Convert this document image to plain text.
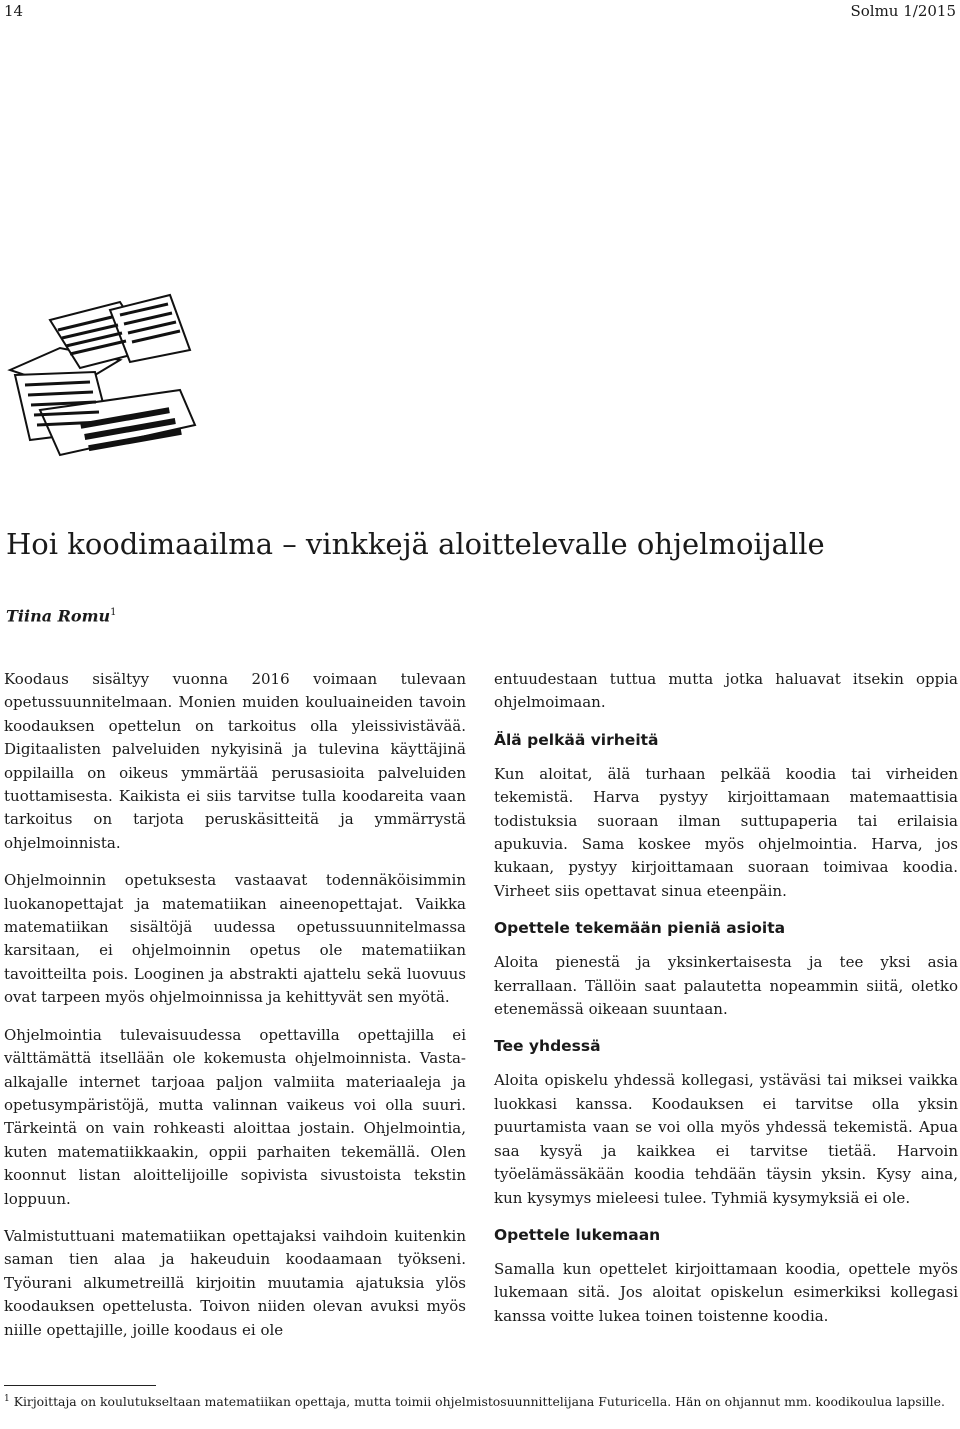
14	Solmu 1/2015
Hoi koodimaailma – vinkkejä aloittelevalle ohjelmoijalle
Tiina Romu$^1$

Koodaus sisältyy vuonna 2016 voimaan tulevaan opetussuunnitelmaan. Monien muiden kouluaineiden tavoin koodauksen opettelun on tarkoitus olla yleissivistävää. Digitaalisten palveluiden nykyisinä ja tulevina käyttäjinä oppilailla on oikeus ymmärtää perusasioita palveluiden tuottamisesta. Kaikista ei siis tarvitse tulla koodareita vaan tarkoitus on tarjota peruskäsitteitä ja ymmärrystä ohjelmoinnista.

Ohjelmoinnin opetuksesta vastaavat todennäköisimmin luokanopettajat ja matematiikan aineenopettajat. Vaikka matematiikan sisältöjä uudessa opetussuunnitelmassa karsitaan, ei ohjelmoinnin opetus ole matematiikan tavoitteilta pois. Looginen ja abstrakti ajattelu sekä luovuus ovat tarpeen myös ohjelmoinnissa ja kehittyvät sen myötä.

Ohjelmointia tulevaisuudessa opettavilla opettajilla ei välttämättä itsellään ole kokemusta ohjelmoinnista. Vasta-alkajalle internet tarjoaa paljon valmiita materiaaleja ja opetusympäristöjä, mutta valinnan vaikeus voi olla suuri. Tärkeintä on vain rohkeasti aloittaa jostain. Ohjelmointia, kuten matematiikkaakin, oppii parhaiten tekemällä. Olen koonnut listan aloittelijoille sopivista sivustoista tekstin loppuun.

Valmistuttuani matematiikan opettajaksi vaihdoin kuitenkin saman tien alaa ja hakeuduin koodaamaan työkseni. Työurani alkumetreillä kirjoitin muutamia ajatuksia ylös koodauksen opettelusta. Toivon niiden olevan avuksi myös niille opettajille, joille koodaus ei ole

entuudestaan tuttua mutta jotka haluavat itsekin oppia ohjelmoimaan.

Älä pelkää virheitä

Kun aloitat, älä turhaan pelkää koodia tai virheiden tekemistä. Harva pystyy kirjoittamaan matemaattisia todistuksia suoraan ilman suttupaperia tai erilaisia apukuvia. Sama koskee myös ohjelmointia. Harva, jos kukaan, pystyy kirjoittamaan suoraan toimivaa koodia. Virheet siis opettavat sinua eteenpäin.

Opettele tekemään pieniä asioita

Aloita pienestä ja yksinkertaisesta ja tee yksi asia kerrallaan. Tällöin saat palautetta nopeammin siitä, oletko etenemässä oikeaan suuntaan.

Tee yhdessä

Aloita opiskelu yhdessä kollegasi, ystäväsi tai miksei vaikka luokkasi kanssa. Koodauksen ei tarvitse olla yksin puurtamista vaan se voi olla myös yhdessä tekemistä. Apua saa kysyä ja kaikkea ei tarvitse tietää. Harvoin työelämässäkään koodia tehdään täysin yksin. Kysy aina, kun kysymys mieleesi tulee. Tyhmiä kysymyksiä ei ole.

Opettele lukemaan

Samalla kun opettelet kirjoittamaan koodia, opettele myös lukemaan sitä. Jos aloitat opiskelun esimerkiksi kollegasi kanssa voitte lukea toinen toistenne koodia.

$^1$ Kirjoittaja on koulutukseltaan matematiikan opettaja, mutta toimii ohjelmistosuunnittelijana Futuricella. Hän on ohjannut mm. koodikoulua lapsille.
